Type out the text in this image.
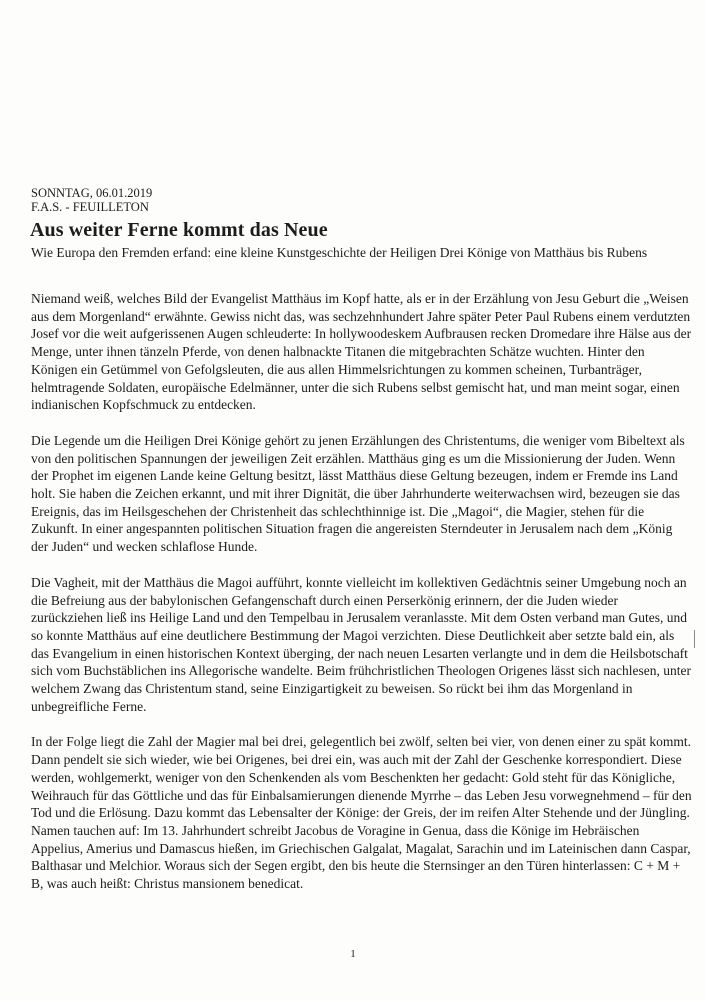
SONNTAG, 06.01.2019
F.A.S. - FEUILLETON
Aus weiter Ferne kommt das Neue

Wie Europa den Fremden erfand: eine kleine Kunstgeschichte der Heiligen Drei Könige von Matthäus bis Rubens

Niemand weiß, welches Bild der Evangelist Matthäus im Kopf hatte, als er in der Erzählung von Jesu Geburt die „Weisen aus dem Morgenland“ erwähnte. Gewiss nicht das, was sechzehnhundert Jahre später Peter Paul Rubens einem verdutzten Josef vor die weit aufgerissenen Augen schleuderte: In hollywoodeskem Aufbrausen recken Dromedare ihre Hälse aus der Menge, unter ihnen tänzeln Pferde, von denen halbnackte Titanen die mitgebrachten Schätze wuchten. Hinter den Königen ein Getümmel von Gefolgsleuten, die aus allen Himmelsrichtungen zu kommen scheinen, Turbanträger, helmtragende Soldaten, europäische Edelmänner, unter die sich Rubens selbst gemischt hat, und man meint sogar, einen indianischen Kopfschmuck zu entdecken.

Die Legende um die Heiligen Drei Könige gehört zu jenen Erzählungen des Christentums, die weniger vom Bibeltext als von den politischen Spannungen der jeweiligen Zeit erzählen. Matthäus ging es um die Missionierung der Juden. Wenn der Prophet im eigenen Lande keine Geltung besitzt, lässt Matthäus diese Geltung bezeugen, indem er Fremde ins Land holt. Sie haben die Zeichen erkannt, und mit ihrer Dignität, die über Jahrhunderte weiterwachsen wird, bezeugen sie das Ereignis, das im Heilsgeschehen der Christenheit das schlechthinnige ist. Die „Magoi“, die Magier, stehen für die Zukunft. In einer angespannten politischen Situation fragen die angereisten Sterndeuter in Jerusalem nach dem „König der Juden“ und wecken schlaflose Hunde.

Die Vagheit, mit der Matthäus die Magoi aufführt, konnte vielleicht im kollektiven Gedächtnis seiner Umgebung noch an die Befreiung aus der babylonischen Gefangenschaft durch einen Perserkönig erinnern, der die Juden wieder zurückziehen ließ ins Heilige Land und den Tempelbau in Jerusalem veranlasste. Mit dem Osten verband man Gutes, und so konnte Matthäus auf eine deutlichere Bestimmung der Magoi verzichten. Diese Deutlichkeit aber setzte bald ein, als das Evangelium in einen historischen Kontext überging, der nach neuen Lesarten verlangte und in dem die Heilsbotschaft sich vom Buchstäblichen ins Allegorische wandelte. Beim frühchristlichen Theologen Origenes lässt sich nachlesen, unter welchem Zwang das Christentum stand, seine Einzigartigkeit zu beweisen. So rückt bei ihm das Morgenland in unbegreifliche Ferne.

In der Folge liegt die Zahl der Magier mal bei drei, gelegentlich bei zwölf, selten bei vier, von denen einer zu spät kommt. Dann pendelt sie sich wieder, wie bei Origenes, bei drei ein, was auch mit der Zahl der Geschenke korrespondiert. Diese werden, wohlgemerkt, weniger von den Schenkenden als vom Beschenkten her gedacht: Gold steht für das Königliche, Weihrauch für das Göttliche und das für Einbalsamierungen dienende Myrrhe – das Leben Jesu vorwegnehmend – für den Tod und die Erlösung. Dazu kommt das Lebensalter der Könige: der Greis, der im reifen Alter Stehende und der Jüngling. Namen tauchen auf: Im 13. Jahrhundert schreibt Jacobus de Voragine in Genua, dass die Könige im Hebräischen Appelius, Amerius und Damascus hießen, im Griechischen Galgalat, Magalat, Sarachin und im Lateinischen dann Caspar, Balthasar und Melchior. Woraus sich der Segen ergibt, den bis heute die Sternsinger an den Türen hinterlassen: C + M + B, was auch heißt: Christus mansionem benedicat.

1
